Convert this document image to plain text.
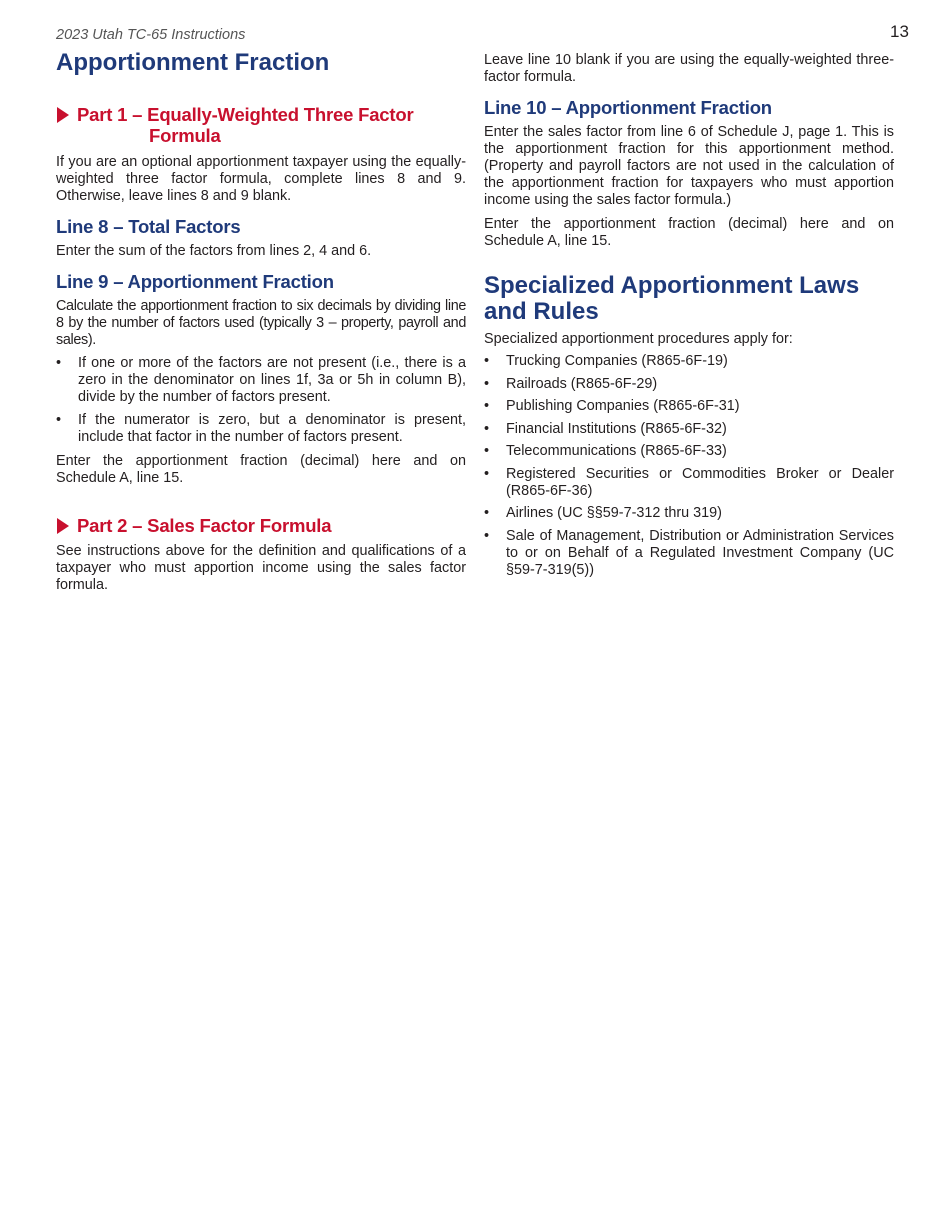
2023 Utah TC-65 Instructions	13
Apportionment Fraction
Part 1 – Equally-Weighted Three Factor
Formula

If you are an optional apportionment taxpayer using the equally-weighted three factor formula, complete lines 8 and 9. Otherwise, leave lines 8 and 9 blank.

Line 8 – Total Factors

Enter the sum of the factors from lines 2, 4 and 6.

Line 9 – Apportionment Fraction

Calculate the apportionment fraction to six decimals by dividing line 8 by the number of factors used (typically 3 – property, payroll and sales).

• If one or more of the factors are not present (i.e., there is a zero in the denominator on lines 1f, 3a or 5h in column B), divide by the number of factors present.
• If the numerator is zero, but a denominator is present, include that factor in the number of factors present.

Enter the apportionment fraction (decimal) here and on Schedule A, line 15.

Part 2 – Sales Factor Formula

See instructions above for the definition and qualifications of a taxpayer who must apportion income using the sales factor formula.

Leave line 10 blank if you are using the equally-weighted three-factor formula.

Line 10 – Apportionment Fraction

Enter the sales factor from line 6 of Schedule J, page 1. This is the apportionment fraction for this apportionment method. (Property and payroll factors are not used in the calculation of the apportionment fraction for taxpayers who must apportion income using the sales factor formula.)

Enter the apportionment fraction (decimal) here and on Schedule A, line 15.

Specialized Apportionment Laws
and Rules

Specialized apportionment procedures apply for:

• Trucking Companies (R865-6F-19)
• Railroads (R865-6F-29)
• Publishing Companies (R865-6F-31)
• Financial Institutions (R865-6F-32)
• Telecommunications (R865-6F-33)
• Registered Securities or Commodities Broker or Dealer (R865-6F-36)
• Airlines (UC §§59-7-312 thru 319)
• Sale of Management, Distribution or Administration Services to or on Behalf of a Regulated Investment Company (UC §59-7-319(5))
